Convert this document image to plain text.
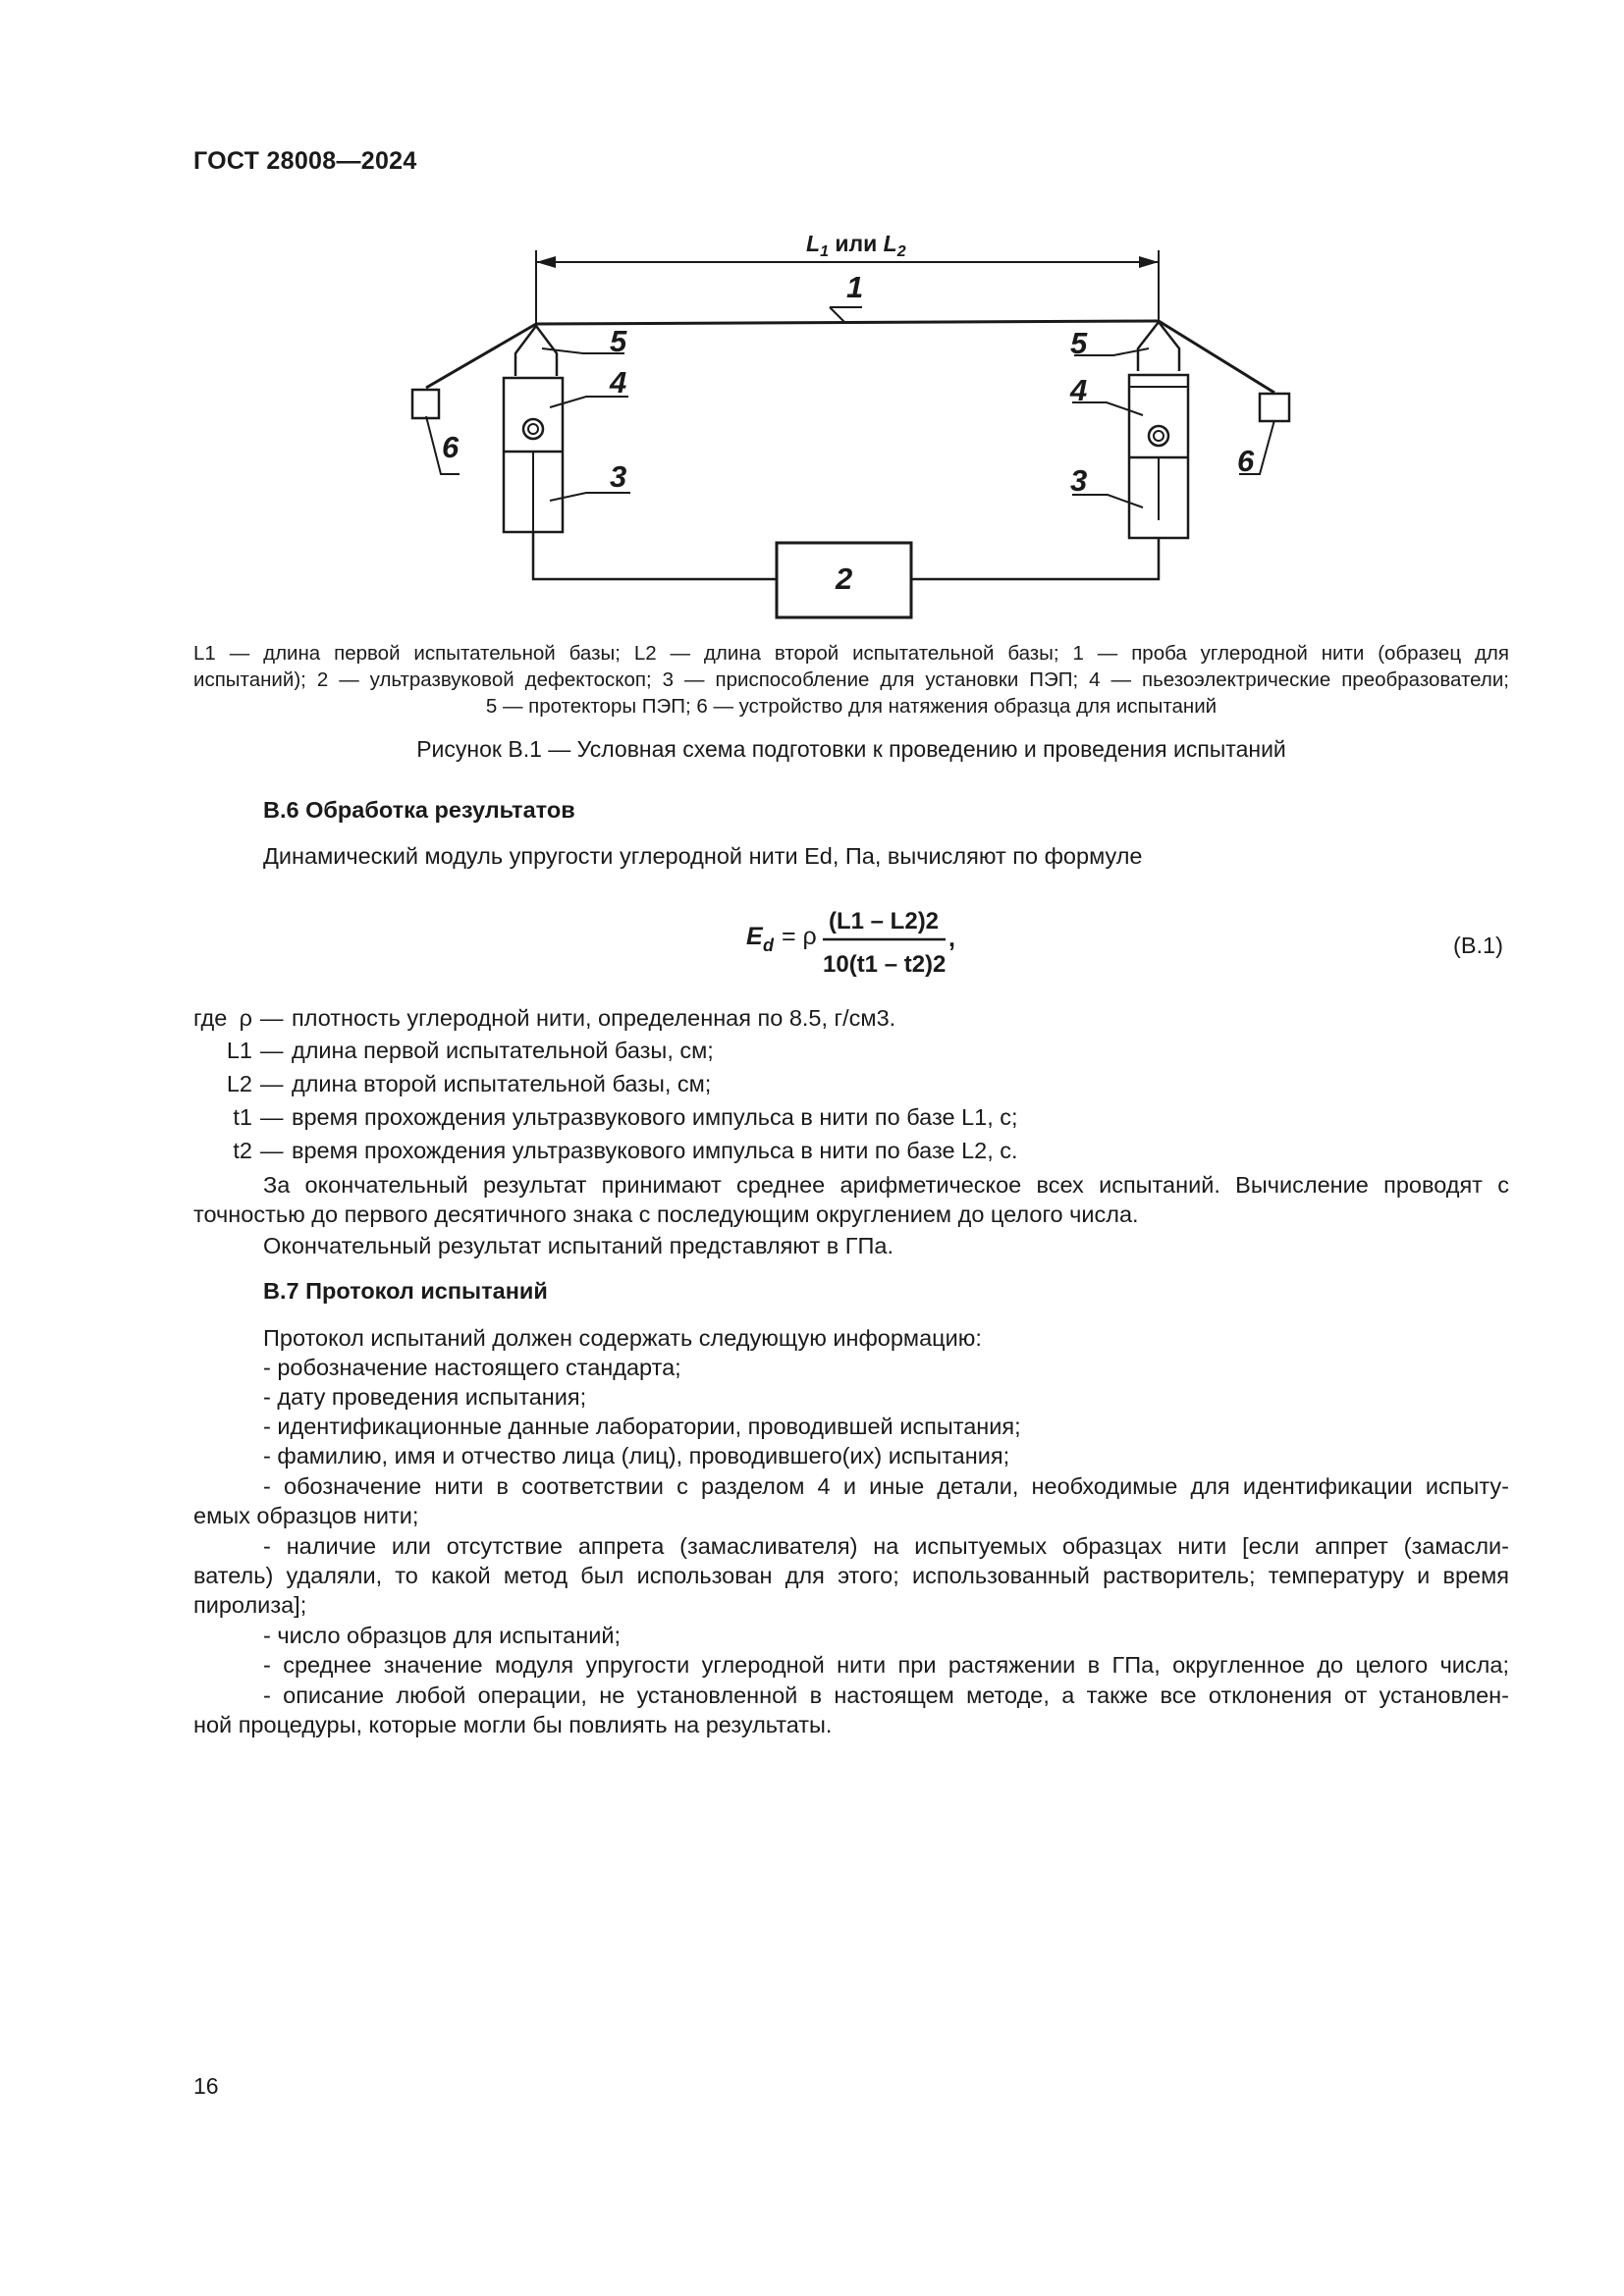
ГОСТ 28008—2024
$L_1$ или $L_2$
1
5	5
4	4
3	3
6	6
2
L1 — длина первой испытательной базы; L2 — длина второй испытательной базы; 1 — проба углеродной нити (образец для
испытаний); 2 — ультразвуковой дефектоскоп; 3 — приспособление для установки ПЭП; 4 — пьезоэлектрические преобразователи;
5 — протекторы ПЭП; 6 — устройство для натяжения образца для испытаний
Рисунок В.1 — Условная схема подготовки к проведению и проведения испытаний
В.6 Обработка результатов
Динамический модуль упругости углеродной нити Ed, Па, вычисляют по формуле
E d = ρ
(L1 – L2)2
10(t1 – t2)2
,	(В.1)
где ρ — плотность углеродной нити, определенная по 8.5, г/см3.
L1 — длина первой испытательной базы, см;
L2 — длина второй испытательной базы, см;
t1 — время прохождения ультразвукового импульса в нити по базе L1, с;
t2 — время прохождения ультразвукового импульса в нити по базе L2, с.
За окончательный результат принимают среднее арифметическое всех испытаний. Вычисление проводят с
точностью до первого десятичного знака с последующим округлением до целого числа.
Окончательный результат испытаний представляют в ГПа.
В.7 Протокол испытаний
Протокол испытаний должен содержать следующую информацию:
- робозначение настоящего стандарта;
- дату проведения испытания;
- идентификационные данные лаборатории, проводившей испытания;
- фамилию, имя и отчество лица (лиц), проводившего(их) испытания;
- обозначение нити в соответствии с разделом 4 и иные детали, необходимые для идентификации испыту-
емых образцов нити;
- наличие или отсутствие аппрета (замасливателя) на испытуемых образцах нити [если аппрет (замасли-
ватель) удаляли, то какой метод был использован для этого; использованный растворитель; температуру и время
пиролиза];
- число образцов для испытаний;
- среднее значение модуля упругости углеродной нити при растяжении в ГПа, округленное до целого числа;
- описание любой операции, не установленной в настоящем методе, а также все отклонения от установлен-
ной процедуры, которые могли бы повлиять на результаты.
16
